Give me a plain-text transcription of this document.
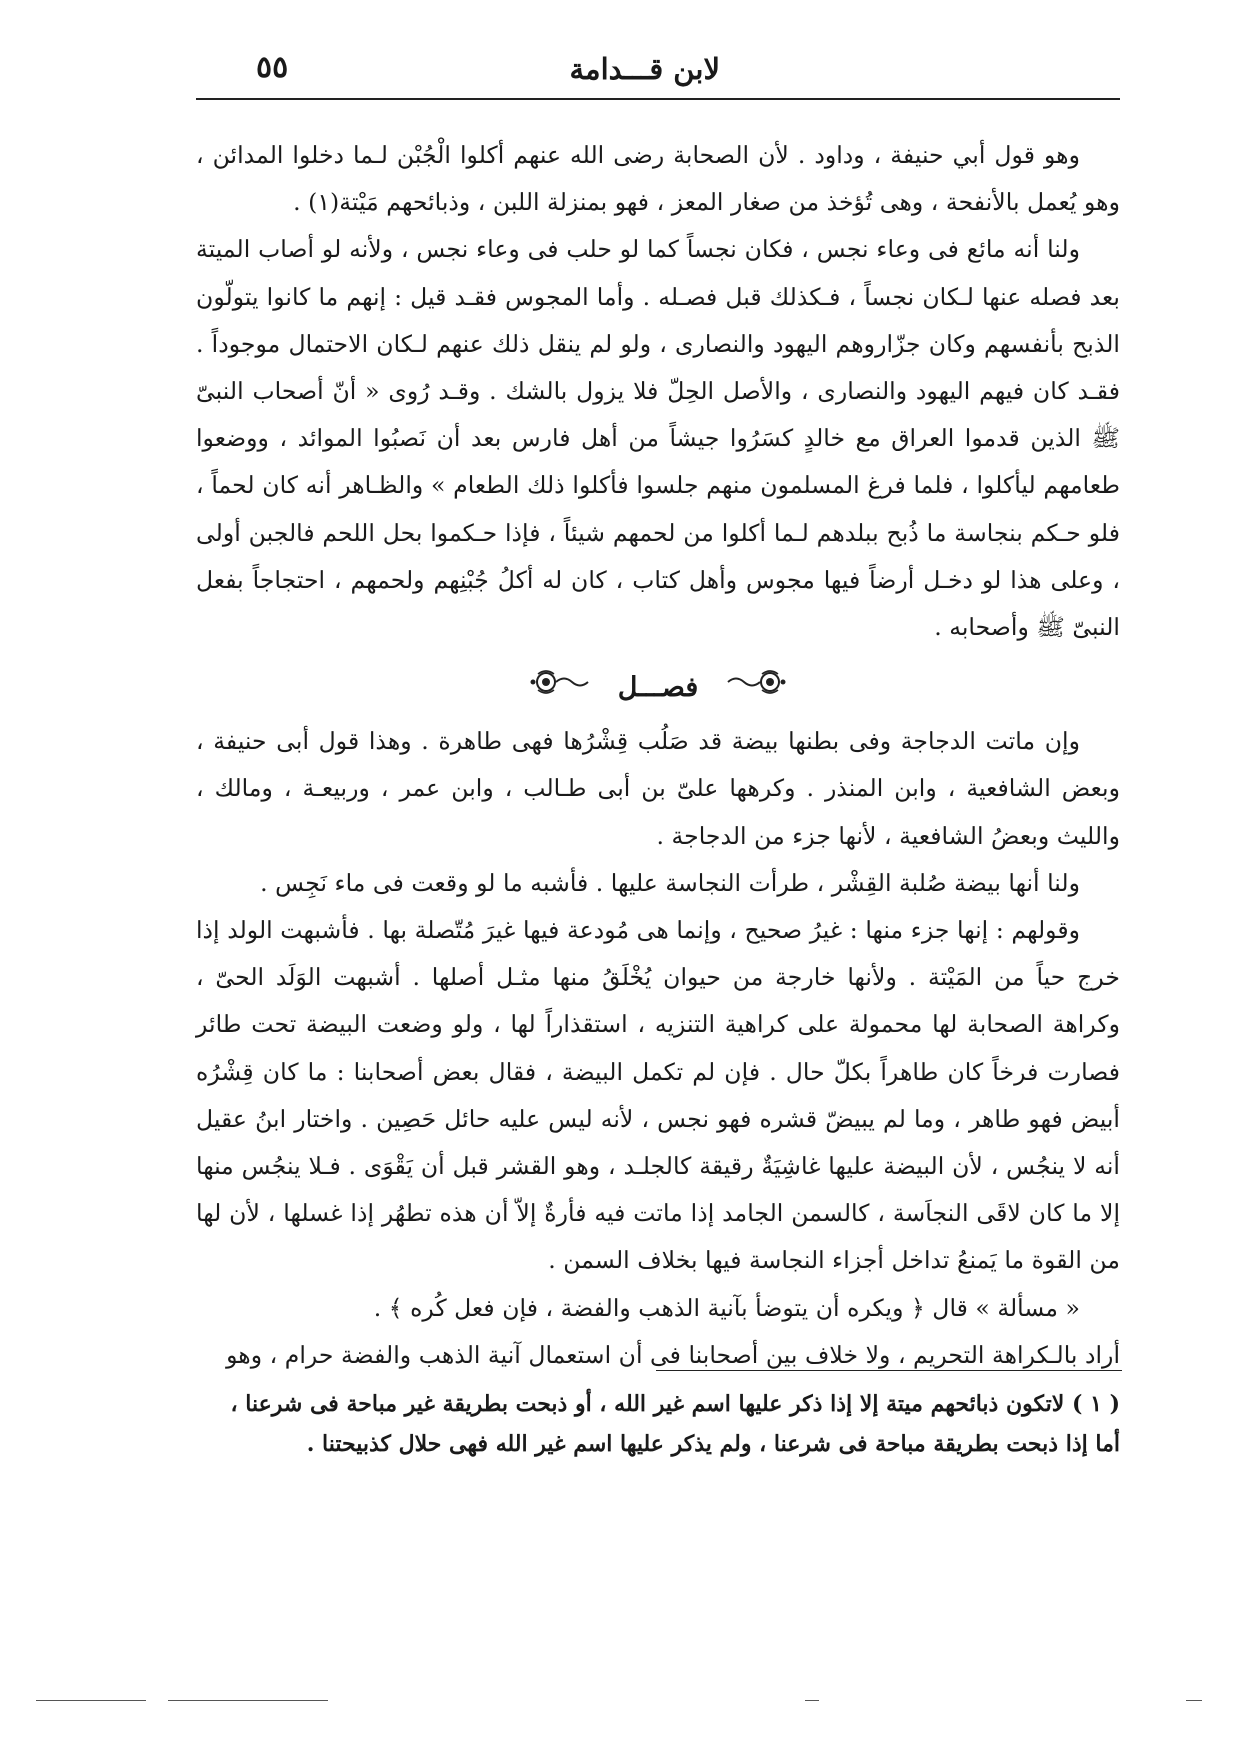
لابن قـــدامة
٥٥

وهو قول أبي حنيفة ، وداود . لأن الصحابة رضى الله عنهم أكلوا الْجُبْن لـما دخلوا المدائن ، وهو يُعمل بالأنفحة ، وهى تُؤخذ من صغار المعز ، فهو بمنزلة اللبن ، وذبائحهم مَيْتة(١) .

ولنا أنه مائع فى وعاء نجس ، فكان نجساً كما لو حلب فى وعاء نجس ، ولأنه لو أصاب الميتة بعد فصله عنها لـكان نجساً ، فـكذلك قبل فصـله . وأما المجوس فقـد قيل : إنهم ما كانوا يتولّون الذبح بأنفسهم وكان جزّاروهم اليهود والنصارى ، ولو لم ينقل ذلك عنهم لـكان الاحتمال موجوداً . فقـد كان فيهم اليهود والنصارى ، والأصل الحِلّ فلا يزول بالشك . وقـد رُوى « أنّ أصحاب النبىّ ﷺ الذين قدموا العراق مع خالدٍ كسَرُوا جيشاً من أهل فارس بعد أن نَصبُوا الموائد ، ووضعوا طعامهم ليأكلوا ، فلما فرغ المسلمون منهم جلسوا فأكلوا ذلك الطعام » والظـاهر أنه كان لحماً ، فلو حـكم بنجاسة ما ذُبح ببلدهم لـما أكلوا من لحمهم شيئاً ، فإذا حـكموا بحل اللحم فالجبن أولى ، وعلى هذا لو دخـل أرضاً فيها مجوس وأهل كتاب ، كان له أكلُ جُبْنِهم ولحمهم ، احتجاجاً بفعل النبىّ ﷺ وأصحابه .

فصـــل

وإن ماتت الدجاجة وفى بطنها بيضة قد صَلُب قِشْرُها فهى طاهرة . وهذا قول أبى حنيفة ، وبعض الشافعية ، وابن المنذر . وكرهها علىّ بن أبى طـالب ، وابن عمر ، وربيعـة ، ومالك ، والليث وبعضُ الشافعية ، لأنها جزء من الدجاجة .

ولنا أنها بيضة صُلبة القِشْر ، طرأت النجاسة عليها . فأشبه ما لو وقعت فى ماء نَجِس .

وقولهم : إنها جزء منها : غيرُ صحيح ، وإنما هى مُودعة فيها غيرَ مُتّصلة بها . فأشبهت الولد إذا خرج حياً من المَيْتة . ولأنها خارجة من حيوان يُخْلَقُ منها مثـل أصلها . أشبهت الوَلَد الحىّ ، وكراهة الصحابة لها محمولة على كراهية التنزيه ، استقذاراً لها ، ولو وضعت البيضة تحت طائر فصارت فرخاً كان طاهراً بكلّ حال . فإن لم تكمل البيضة ، فقال بعض أصحابنا : ما كان قِشْرُه أبيض فهو طاهر ، وما لم يبيضّ قشره فهو نجس ، لأنه ليس عليه حائل حَصِين . واختار ابنُ عقيل أنه لا ينجُس ، لأن البيضة عليها غاشِيَةٌ رقيقة كالجلـد ، وهو القشر قبل أن يَقْوَى . فـلا ينجُس منها إلا ما كان لاقَى النجاَسة ، كالسمن الجامد إذا ماتت فيه فأرةٌ إلاّ أن هذه تطهُر إذا غسلها ، لأن لها من القوة ما يَمنعُ تداخل أجزاء النجاسة فيها بخلاف السمن .

« مسألة » قال ﴿ ويكره أن يتوضأ بآنية الذهب والفضة ، فإن فعل كُره ﴾ .

أراد بالـكراهة التحريم ، ولا خلاف بين أصحابنا فى أن استعمال آنية الذهب والفضة حرام ، وهو

( ١ ) لاتكون ذبائحهم ميتة إلا إذا ذكر عليها اسم غير الله ، أو ذبحت بطريقة غير مباحة فى شرعنا ،

أما إذا ذبحت بطريقة مباحة فى شرعنا ، ولم يذكر عليها اسم غير الله فهى حلال كذبيحتنا .
